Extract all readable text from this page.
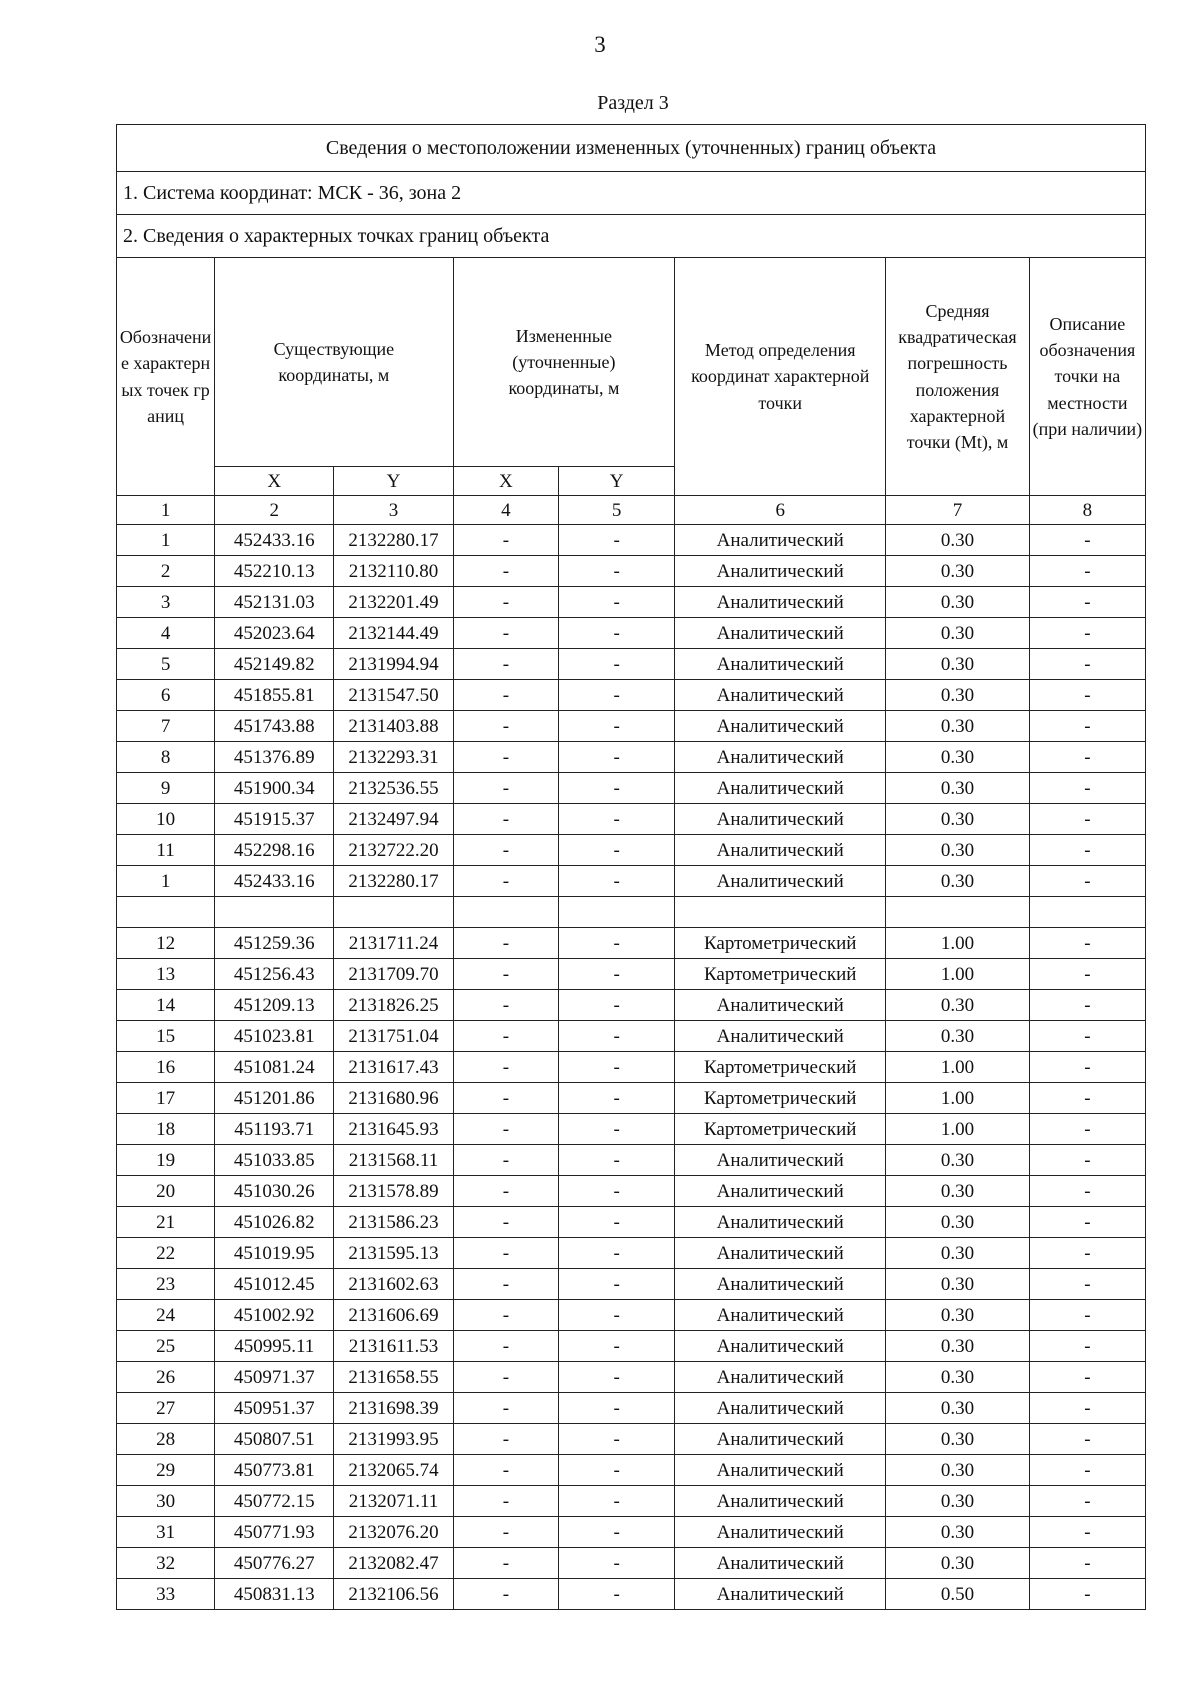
3
Раздел 3
Сведения о местоположении измененных (уточненных) границ объекта							
1. Система координат: МСК - 36, зона 2							
2. Сведения о характерных точках границ объекта							
Обозначение характерных точек границ	Существующие координаты, м		Измененные (уточненные) координаты, м		Метод определения координат характерной точки	Средняя квадратическая погрешность положения характерной точки (Mt), м	Описание обозначения точки на местности (при наличии)
	X	Y	X	Y			
1	2	3	4	5	6	7	8
1	452433.16	2132280.17	-	-	Аналитический	0.30	-
2	452210.13	2132110.80	-	-	Аналитический	0.30	-
3	452131.03	2132201.49	-	-	Аналитический	0.30	-
4	452023.64	2132144.49	-	-	Аналитический	0.30	-
5	452149.82	2131994.94	-	-	Аналитический	0.30	-
6	451855.81	2131547.50	-	-	Аналитический	0.30	-
7	451743.88	2131403.88	-	-	Аналитический	0.30	-
8	451376.89	2132293.31	-	-	Аналитический	0.30	-
9	451900.34	2132536.55	-	-	Аналитический	0.30	-
10	451915.37	2132497.94	-	-	Аналитический	0.30	-
11	452298.16	2132722.20	-	-	Аналитический	0.30	-
1	452433.16	2132280.17	-	-	Аналитический	0.30	-

12	451259.36	2131711.24	-	-	Картометрический	1.00	-
13	451256.43	2131709.70	-	-	Картометрический	1.00	-
14	451209.13	2131826.25	-	-	Аналитический	0.30	-
15	451023.81	2131751.04	-	-	Аналитический	0.30	-
16	451081.24	2131617.43	-	-	Картометрический	1.00	-
17	451201.86	2131680.96	-	-	Картометрический	1.00	-
18	451193.71	2131645.93	-	-	Картометрический	1.00	-
19	451033.85	2131568.11	-	-	Аналитический	0.30	-
20	451030.26	2131578.89	-	-	Аналитический	0.30	-
21	451026.82	2131586.23	-	-	Аналитический	0.30	-
22	451019.95	2131595.13	-	-	Аналитический	0.30	-
23	451012.45	2131602.63	-	-	Аналитический	0.30	-
24	451002.92	2131606.69	-	-	Аналитический	0.30	-
25	450995.11	2131611.53	-	-	Аналитический	0.30	-
26	450971.37	2131658.55	-	-	Аналитический	0.30	-
27	450951.37	2131698.39	-	-	Аналитический	0.30	-
28	450807.51	2131993.95	-	-	Аналитический	0.30	-
29	450773.81	2132065.74	-	-	Аналитический	0.30	-
30	450772.15	2132071.11	-	-	Аналитический	0.30	-
31	450771.93	2132076.20	-	-	Аналитический	0.30	-
32	450776.27	2132082.47	-	-	Аналитический	0.30	-
33	450831.13	2132106.56	-	-	Аналитический	0.50	-
